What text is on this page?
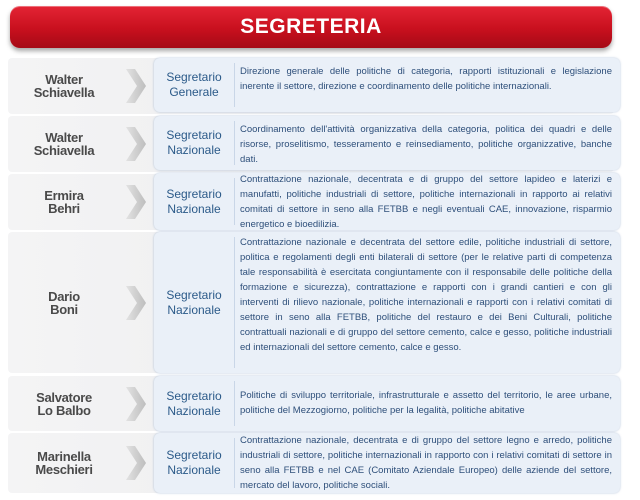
SEGRETERIA
Walter
Schiavella
Segretario
Generale
Direzione generale delle politiche di categoria, rapporti istituzionali e legislazione inerente il settore, direzione e coordinamento delle politiche internazionali.
Walter
Schiavella
Segretario
Nazionale
Coordinamento dell'attività organizzativa della categoria, politica dei quadri e delle risorse, proselitismo, tesseramento e reinsediamento, politiche organizzative, banche dati.
Ermira
Behri
Segretario
Nazionale
Contrattazione nazionale, decentrata e di gruppo del settore lapideo e laterizi e manufatti, politiche industriali di settore, politiche internazionali in rapporto ai relativi comitati di settore in seno alla FETBB e negli eventuali CAE, innovazione, risparmio energetico e bioedilizia.
Dario
Boni
Segretario
Nazionale
Contrattazione nazionale e decentrata del settore edile, politiche industriali di settore, politica e regolamenti degli enti bilaterali di settore (per le relative parti di competenza tale responsabilità è esercitata congiuntamente con il responsabile delle politiche della formazione e sicurezza), contrattazione e rapporti con i grandi cantieri e con gli interventi di rilievo nazionale, politiche internazionali e rapporti con i relativi comitati di settore in seno alla FETBB, politiche del restauro e dei Beni Culturali, politiche contrattuali nazionali e di gruppo del settore cemento, calce e gesso, politiche industriali ed internazionali del settore cemento, calce e gesso.
Salvatore
Lo Balbo
Segretario
Nazionale
Politiche di sviluppo territoriale, infrastrutturale e assetto del territorio, le aree urbane, politiche del Mezzogiorno, politiche per la legalità, politiche abitative
Marinella
Meschieri
Segretario
Nazionale
Contrattazione nazionale, decentrata e di gruppo del settore legno e arredo, politiche industriali di settore, politiche internazionali in rapporto con i relativi comitati di settore in seno alla FETBB e nel CAE (Comitato Aziendale Europeo) delle aziende del settore, mercato del lavoro, politiche sociali.
